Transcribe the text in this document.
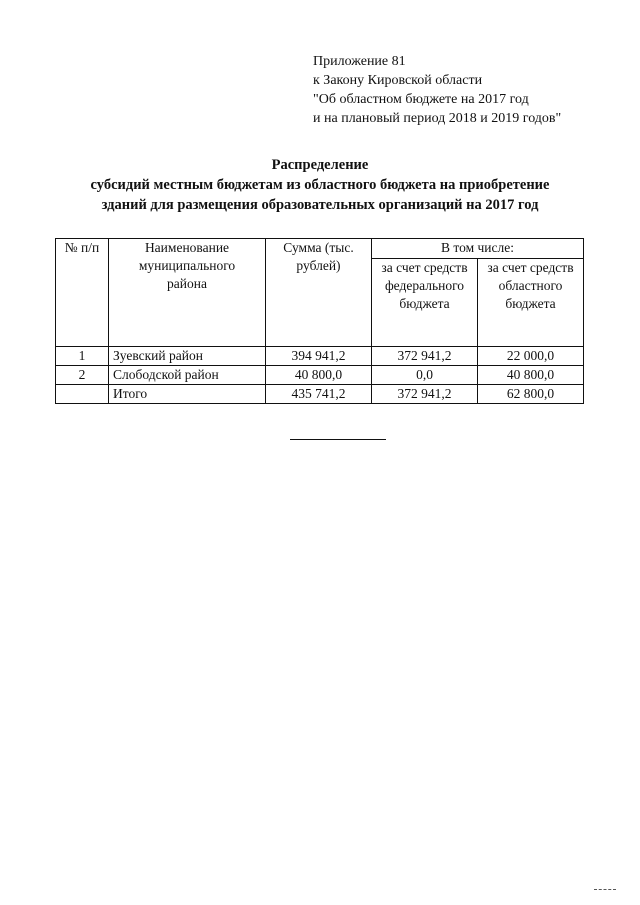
Приложение 81
к Закону Кировской области
"Об областном бюджете на 2017 год
и на плановый период 2018 и 2019 годов"
Распределение
субсидий местным бюджетам из областного бюджета на приобретение
зданий для размещения образовательных организаций на 2017 год
№ п/п	Наименование муниципального района	Сумма (тыс. рублей)	В том числе:	
			за счет средств федерального бюджета	за счет средств областного бюджета
1	Зуевский район	394 941,2	372 941,2	22 000,0
2	Слободской район	40 800,0	0,0	40 800,0
	Итого	435 741,2	372 941,2	62 800,0
